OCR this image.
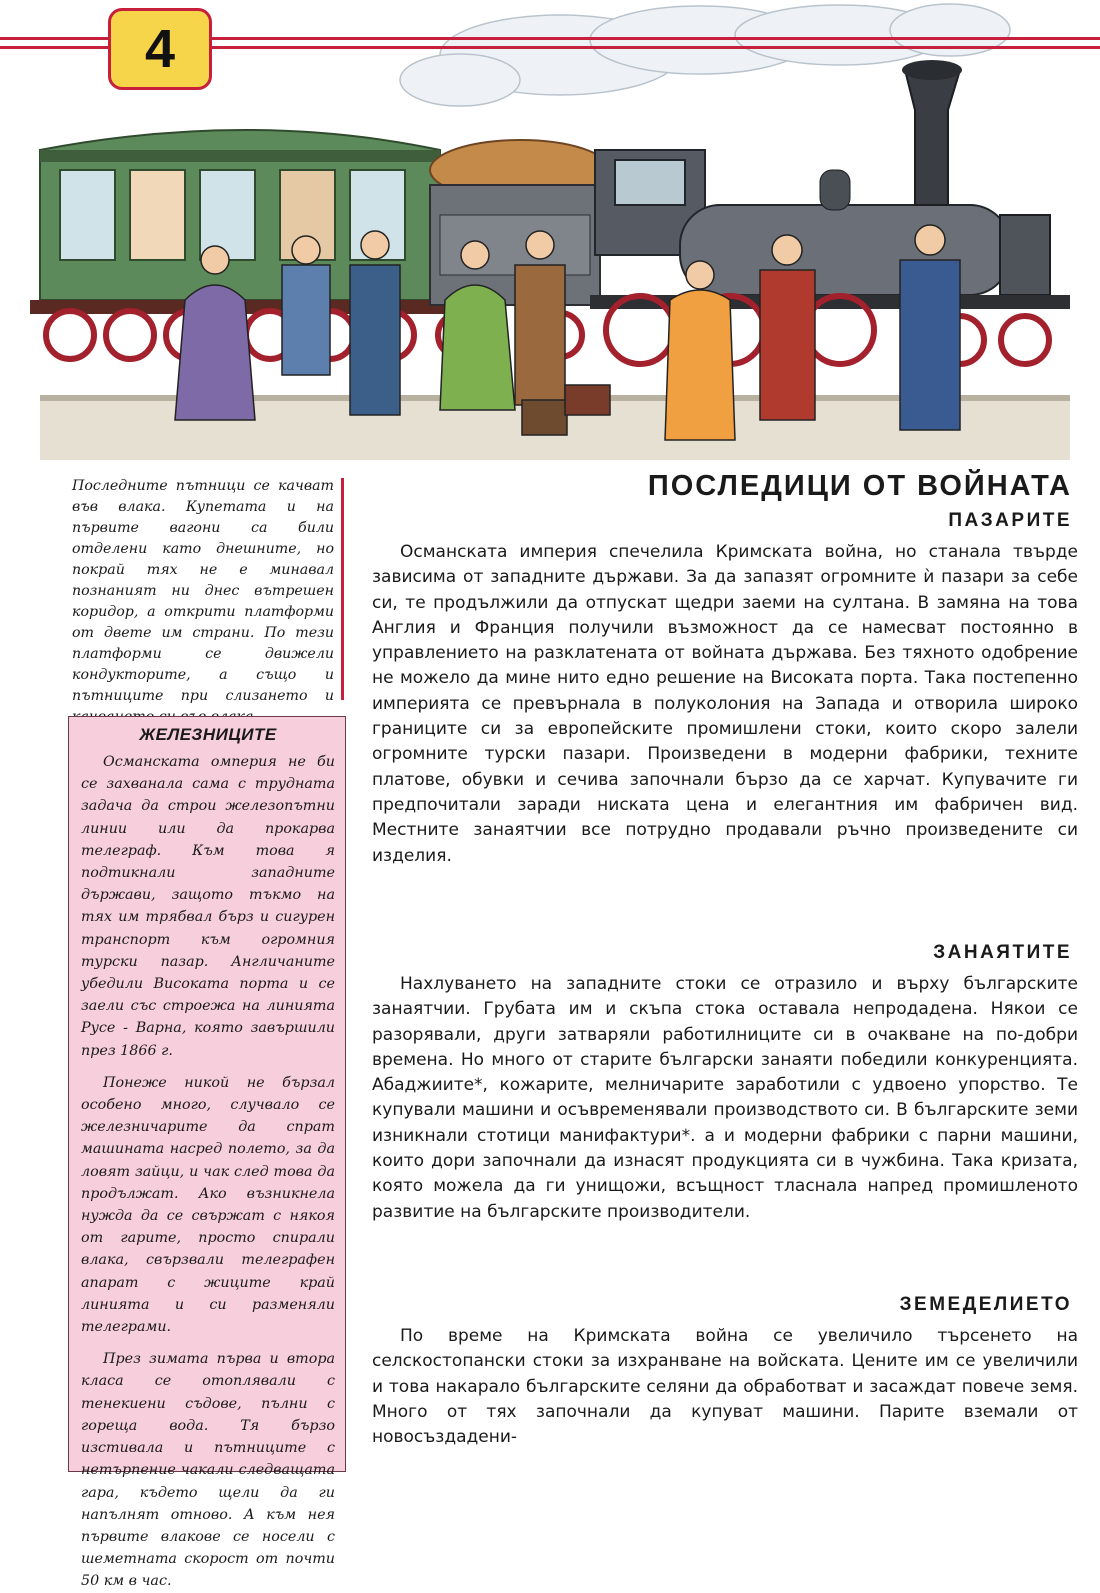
4
Последните пътници се качват във влака. Купетата и на първите вагони са били отделени като днешните, но покрай тях не е минавал познаният ни днес вътрешен коридор, а открити платформи от двете им страни. По тези платформи се движели кондукторите, а също и пътниците при слизането и
ЖЕЛЕЗНИЦИТЕ

Османската омперия не би се захванала сама с трудната задача да строи железопътни линии или да прокарва телеграф. Към това я подтикнали западните държави, защото тъкмо на тях им трябвал бърз и сигурен транспорт към огромния турски пазар. Англичаните убедили Високата порта и се заели със строежа на линията Русе - Варна, която завършили през 1866 г.

Понеже никой не бързал особено много, случвало се железничарите да спрат машината насред полето, за да ловят зайци, и чак след това да продължат. Ако възникнела нужда да се свържат с някоя от гарите, просто спирали влака, свързвали телеграфен апарат с жиците край линията и си разменяли телеграми.

През зимата първа и втора класа се отоплявали с тенекиени съдове, пълни с гореща вода. Тя бързо изстивала и пътниците с нетърпение чакали следващата гара, където щели да ги напълнят отново. А към нея първите влакове се носели с шеметната скорост от почти 50 км в час.

ПОСЛЕДИЦИ ОТ ВОЙНАТА
ПАЗАРИТЕ

Османската империя спечелила Кримската война, но станала твърде зависима от западните държави. За да запазят огромните ѝ пазари за себе си, те продължили да отпускат щедри заеми на султана. В замяна на това Англия и Франция получили възможност да се намесват постоянно в управлението на разклатената от войната държава. Без тяхното одобрение не можело да мине нито едно решение на Високата порта. Така постепенно империята се превърнала в полуколония на Запада и отворила широко границите си за европейските промишлени стоки, които скоро залели огромните турски пазари. Произведени в модерни фабрики, техните платове, обувки и сечива започнали бързо да се харчат. Купувачите ги предпочитали заради ниската цена и елегантния им фабричен вид. Местните занаятчии все потрудно продавали ръчно произведените си изделия.

ЗАНАЯТИТЕ

Нахлуването на западните стоки се отразило и върху българските занаятчии. Грубата им и скъпа стока оставала непродадена. Някои се разорявали, други затваряли работилниците си в очакване на по-добри времена. Но много от старите български занаяти победили конкуренцията. Абаджиите*, кожарите, мелничарите заработили с удвоено упорство. Те купували машини и осъвременявали производството си. В българските земи изникнали стотици манифактури*. а и модерни фабрики с парни машини, които дори започнали да изнасят продукцията си в чужбина. Така кризата, която можела да ги унищожи, всъщност тласнала напред промишленото развитие на българските производители.

ЗЕМЕДЕЛИЕТО

По време на Кримската война се увеличило търсенето на селскостопански стоки за изхранване на войската. Цените им се увеличили и това накарало българските селяни да обработват и засаждат повече земя. Много от тях започнали да купуват машини. Парите вземали от новосъздадени-
